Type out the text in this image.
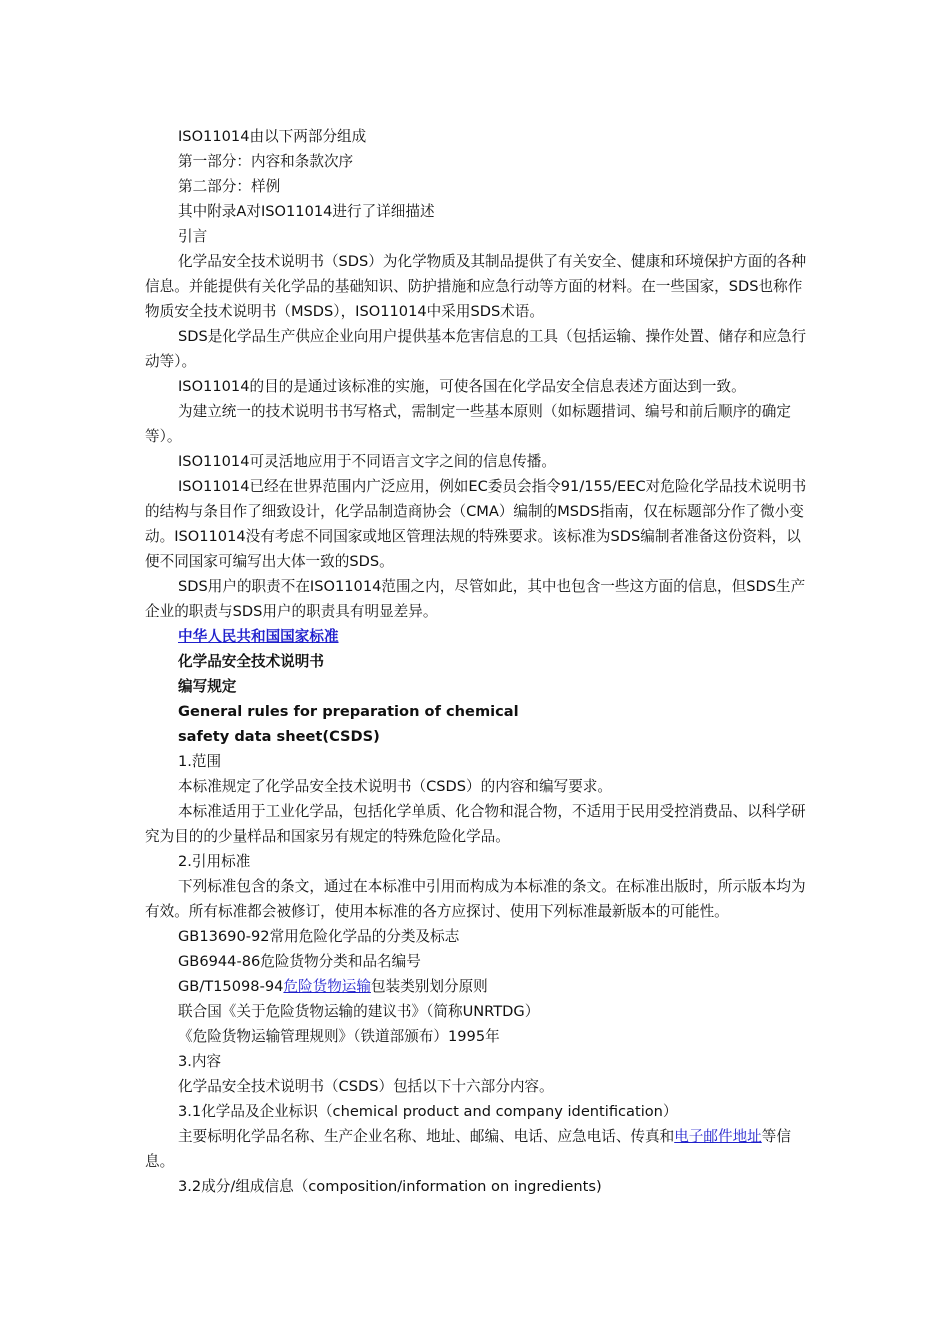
ISO11014由以下两部分组成

第一部分：内容和条款次序

第二部分：样例

其中附录A对ISO11014进行了详细描述

引言

化学品安全技术说明书（SDS）为化学物质及其制品提供了有关安全、健康和环境保护方面的各种信息。并能提供有关化学品的基础知识、防护措施和应急行动等方面的材料。在一些国家，SDS也称作物质安全技术说明书（MSDS），ISO11014中采用SDS术语。

SDS是化学品生产供应企业向用户提供基本危害信息的工具（包括运输、操作处置、储存和应急行动等）。

ISO11014的目的是通过该标准的实施，可使各国在化学品安全信息表述方面达到一致。

为建立统一的技术说明书书写格式，需制定一些基本原则（如标题措词、编号和前后顺序的确定等）。

ISO11014可灵活地应用于不同语言文字之间的信息传播。

ISO11014已经在世界范围内广泛应用，例如EC委员会指令91/155/EEC对危险化学品技术说明书的结构与条目作了细致设计，化学品制造商协会（CMA）编制的MSDS指南，仅在标题部分作了微小变动。ISO11014没有考虑不同国家或地区管理法规的特殊要求。该标准为SDS编制者准备这份资料，以便不同国家可编写出大体一致的SDS。

SDS用户的职责不在ISO11014范围之内，尽管如此，其中也包含一些这方面的信息，但SDS生产企业的职责与SDS用户的职责具有明显差异。

中华人民共和国国家标准

化学品安全技术说明书

编写规定

General rules for preparation of chemical

safety data sheet(CSDS)

1.范围

本标准规定了化学品安全技术说明书（CSDS）的内容和编写要求。

本标准适用于工业化学品，包括化学单质、化合物和混合物，不适用于民用受控消费品、以科学研究为目的的少量样品和国家另有规定的特殊危险化学品。

2.引用标准

下列标准包含的条文，通过在本标准中引用而构成为本标准的条文。在标准出版时，所示版本均为有效。所有标准都会被修订，使用本标准的各方应探讨、使用下列标准最新版本的可能性。

GB13690-92常用危险化学品的分类及标志

GB6944-86危险货物分类和品名编号

GB/T15098-94危险货物运输包装类别划分原则

联合国《关于危险货物运输的建议书》（简称UNRTDG）

《危险货物运输管理规则》（铁道部颁布）1995年

3.内容

化学品安全技术说明书（CSDS）包括以下十六部分内容。

3.1化学品及企业标识（chemical product and company identification）

主要标明化学品名称、生产企业名称、地址、邮编、电话、应急电话、传真和电子邮件地址等信息。

3.2成分/组成信息（composition/information on ingredients)
